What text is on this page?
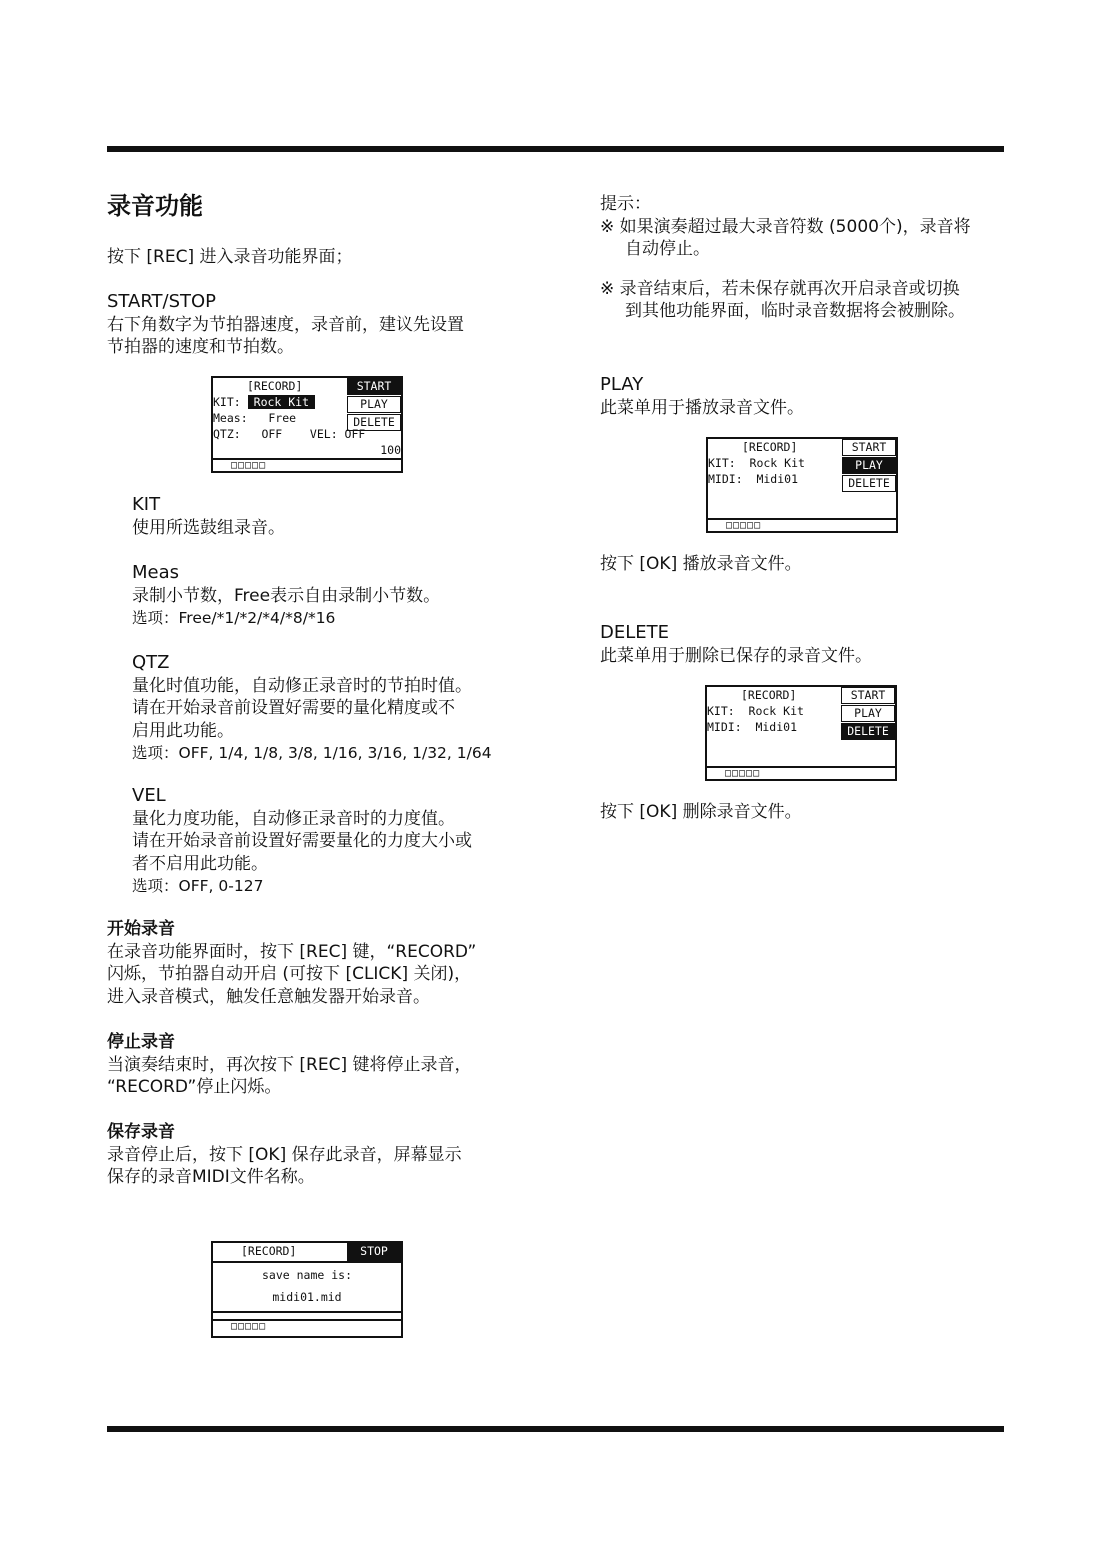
录音功能
按下 [REC] 进入录音功能界面；

START/STOP

右下角数字为节拍器速度，录音前，建议先设置

节拍器的速度和节拍数。

[RECORD]
KIT: Rock Kit
Meas:   Free
QTZ:   OFF    VEL: OFF
100
□□□□□
START
PLAY
DELETE

KIT

使用所选鼓组录音。

Meas

录制小节数，Free表示自由录制小节数。

选项：Free/*1/*2/*4/*8/*16

QTZ

量化时值功能，自动修正录音时的节拍时值。

请在开始录音前设置好需要的量化精度或不

启用此功能。

选项：OFF, 1/4, 1/8, 3/8, 1/16, 3/16, 1/32, 1/64

VEL

量化力度功能，自动修正录音时的力度值。

请在开始录音前设置好需要量化的力度大小或

者不启用此功能。

选项：OFF, 0-127

开始录音

在录音功能界面时，按下 [REC] 键，“RECORD”

闪烁，节拍器自动开启 (可按下 [CLICK] 关闭)，

进入录音模式，触发任意触发器开始录音。

停止录音

当演奏结束时，再次按下 [REC] 键将停止录音，

“RECORD”停止闪烁。

保存录音

录音停止后，按下 [OK] 保存此录音，屏幕显示

保存的录音MIDI文件名称。

[RECORD]	STOP
save name is:
midi01.mid
□□□□□

提示：

※ 如果演奏超过最大录音符数 (5000个)，录音将

自动停止。

※ 录音结束后，若未保存就再次开启录音或切换

到其他功能界面，临时录音数据将会被删除。

PLAY

此菜单用于播放录音文件。

[RECORD]
KIT:  Rock Kit
MIDI:  Midi01
□□□□□
START
PLAY
DELETE
按下 [OK] 播放录音文件。

DELETE

此菜单用于删除已保存的录音文件。

[RECORD]
KIT:  Rock Kit
MIDI:  Midi01
□□□□□
START
PLAY
DELETE
按下 [OK] 删除录音文件。
